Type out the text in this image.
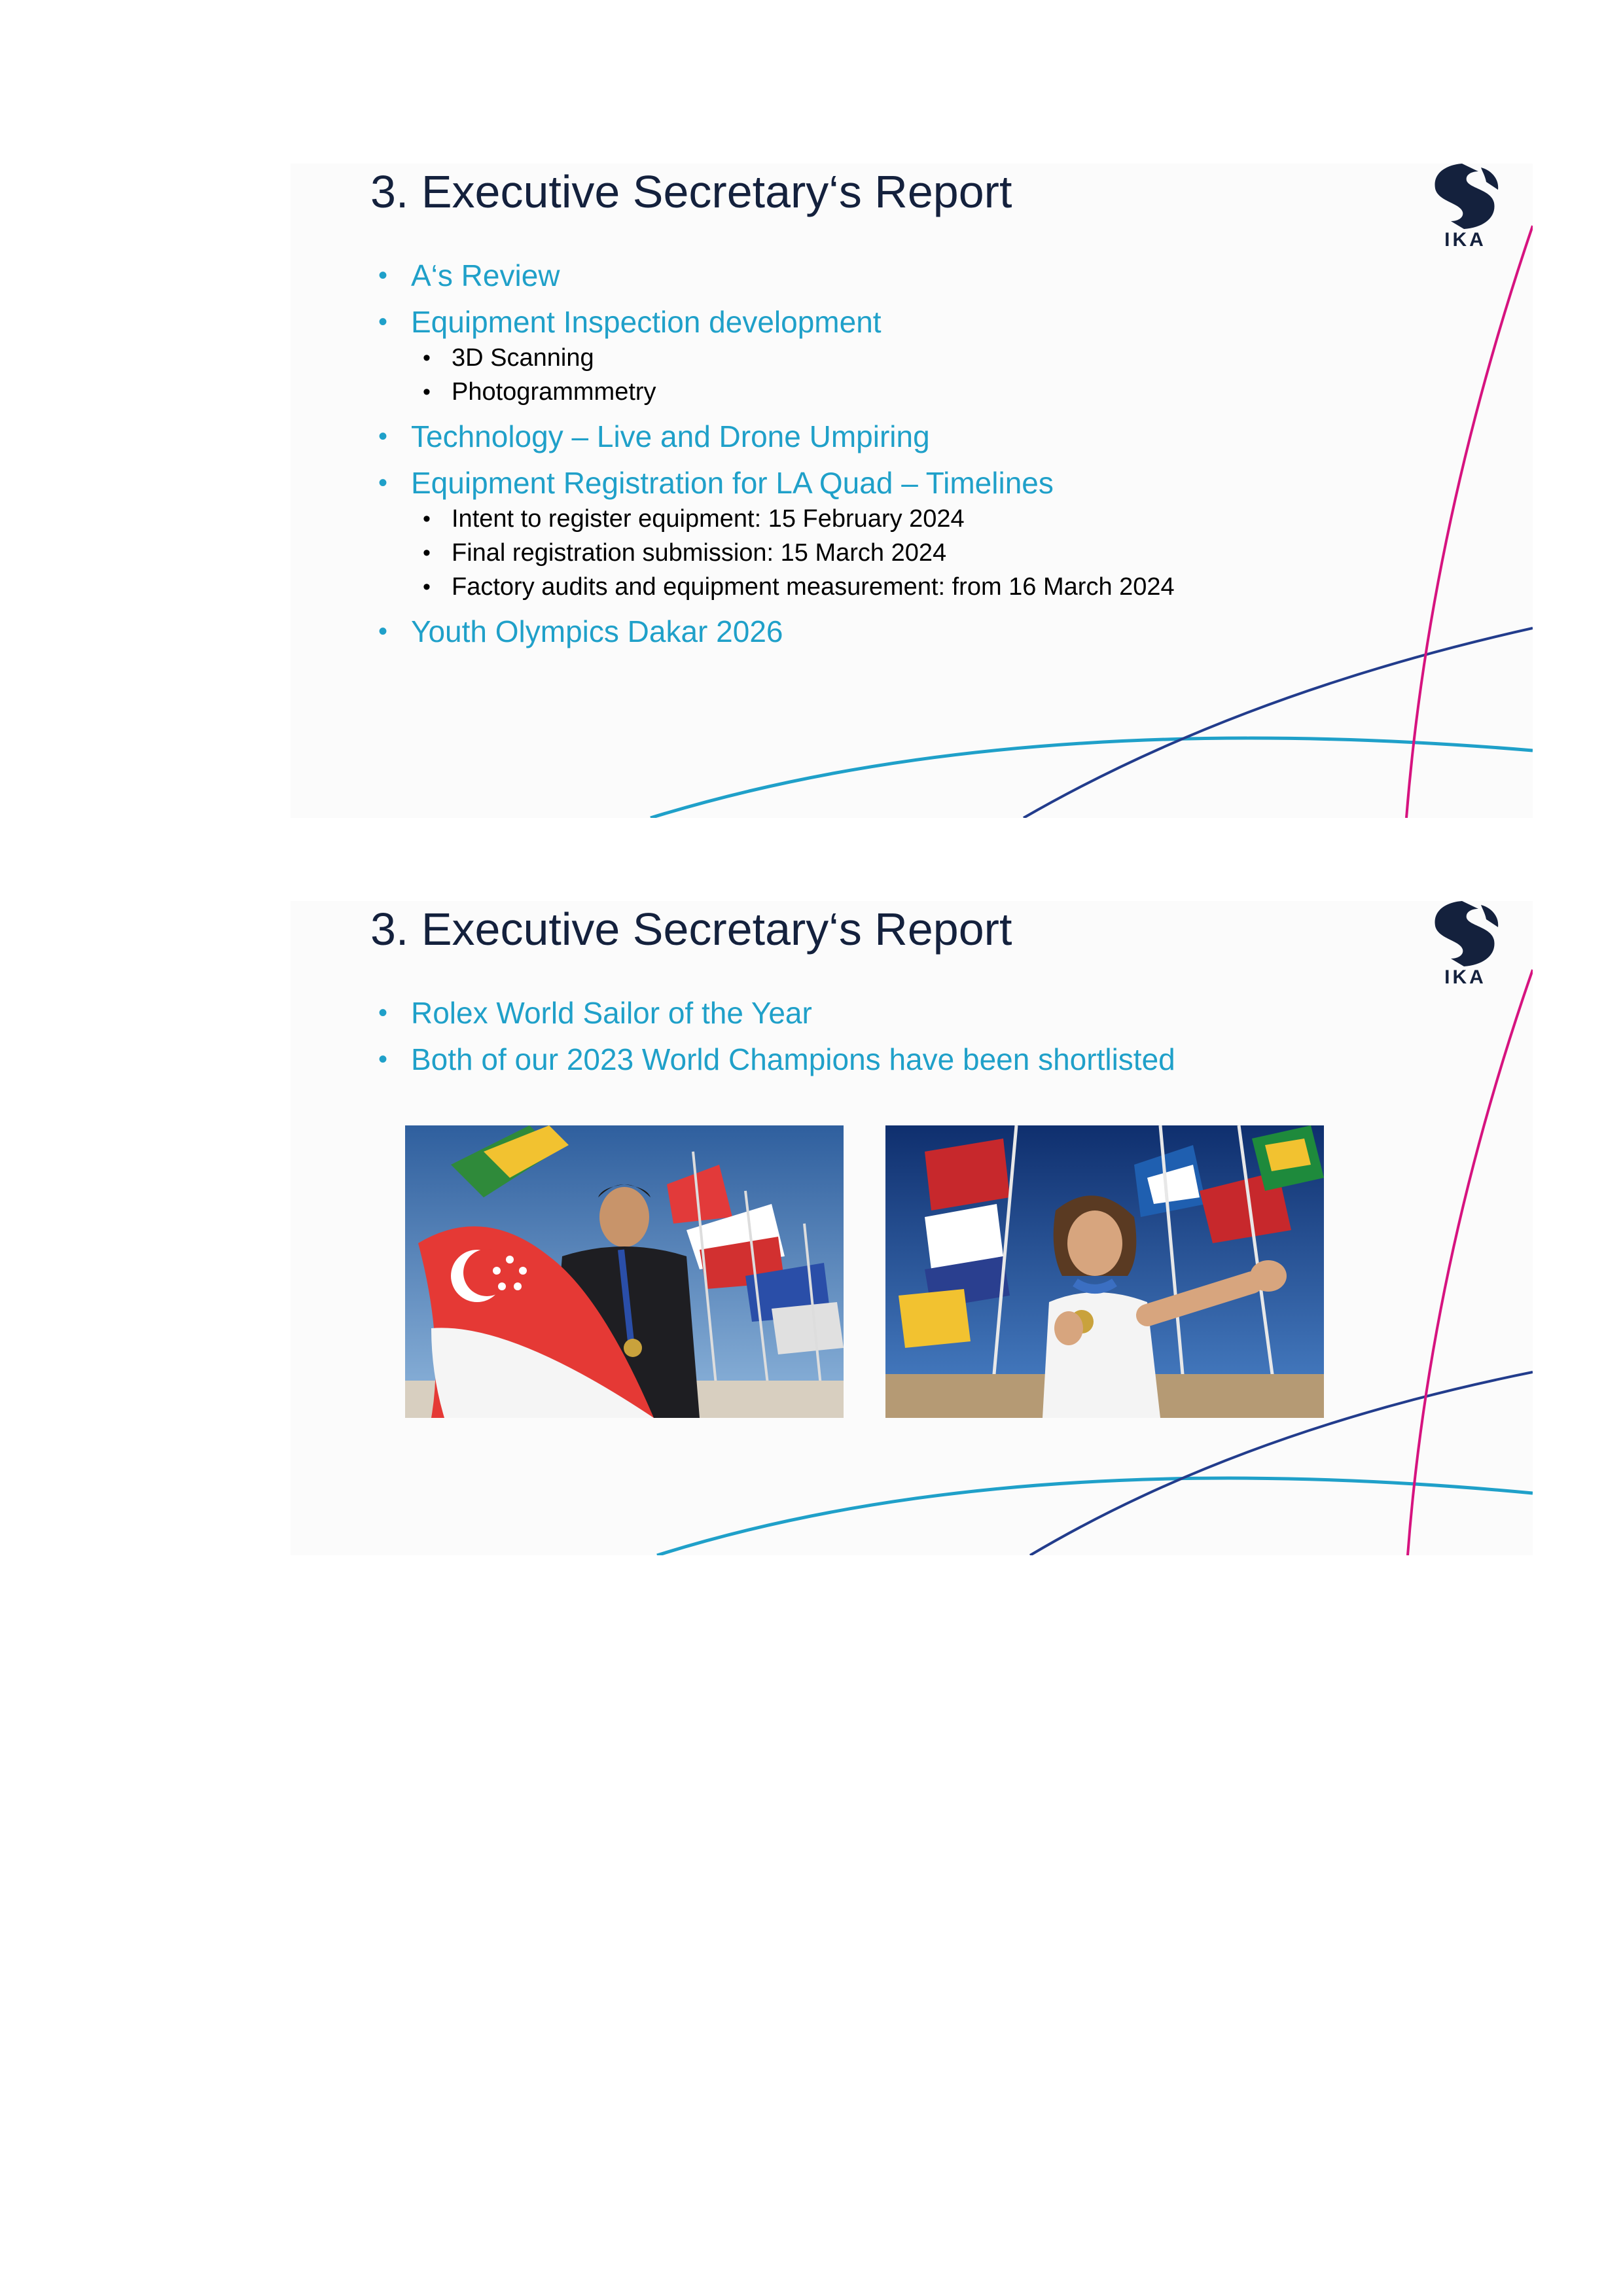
3. Executive Secretary‘s Report
IKA
• A‘s Review
• Equipment Inspection development
• 3D Scanning
• Photogrammmetry
• Technology – Live and Drone Umpiring
• Equipment Registration for LA Quad – Timelines
• Intent to register equipment: 15 February 2024
• Final registration submission: 15 March 2024
• Factory audits and equipment measurement: from 16 March 2024
• Youth Olympics Dakar 2026
3. Executive Secretary‘s Report
IKA
• Rolex World Sailor of the Year
• Both of our 2023 World Champions have been shortlisted
